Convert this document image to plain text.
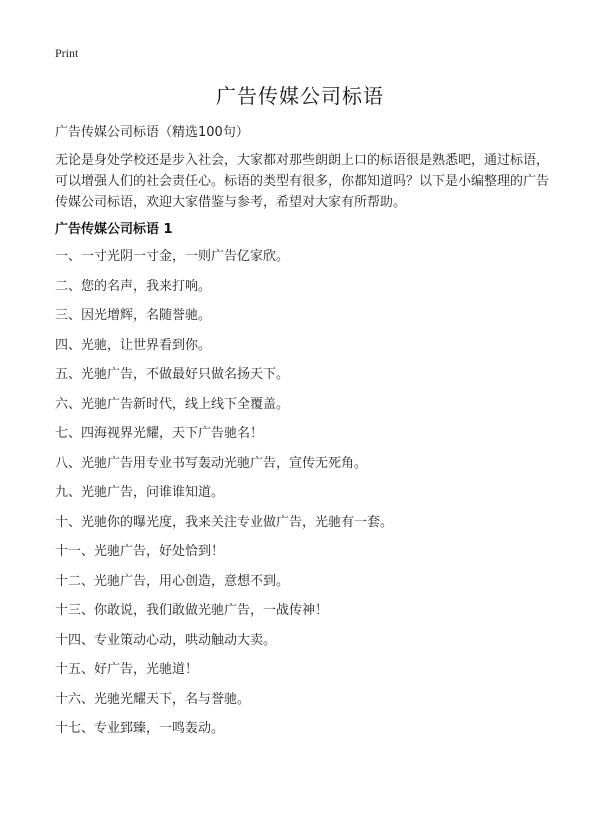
Print
广告传媒公司标语
广告传媒公司标语（精选100句）

无论是身处学校还是步入社会，大家都对那些朗朗上口的标语很是熟悉吧，通过标语，可以增强人们的社会责任心。标语的类型有很多，你都知道吗？以下是小编整理的广告传媒公司标语，欢迎大家借鉴与参考，希望对大家有所帮助。

广告传媒公司标语 1
一、一寸光阴一寸金，一则广告亿家欣。
二、您的名声，我来打响。
三、因光增辉，名随誉驰。
四、光驰，让世界看到你。
五、光驰广告，不做最好只做名扬天下。
六、光驰广告新时代，线上线下全覆盖。
七、四海视界光耀，天下广告驰名！
八、光驰广告用专业书写轰动光驰广告，宣传无死角。
九、光驰广告，问谁谁知道。
十、光驰你的曝光度，我来关注专业做广告，光驰有一套。
十一、光驰广告，好处恰到！
十二、光驰广告，用心创造，意想不到。
十三、你敢说，我们敢做光驰广告，一战传神！
十四、专业策动心动，哄动触动大卖。
十五、好广告，光驰道！
十六、光驰光耀天下，名与誉驰。
十七、专业郅臻，一鸣轰动。
